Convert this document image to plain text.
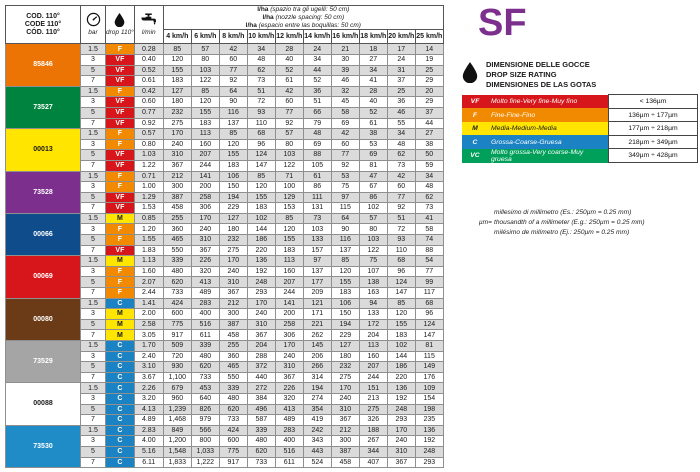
COD. 110°
CODE 110°
CÓD. 110°	bar	drop 110°	l/min

l/ha (spazio tra gli ugelli: 50 cm)
l/ha (nozzle spacing: 50 cm)
l/ha (espacio entre las boquillas: 50 cm)

				4 km/h	6 km/h	8 km/h	10 km/h	12 km/h	14 km/h	16 km/h	18 km/h	20 km/h	25 km/h
85846	1.5	F	0.28	85	57	42	34	28	24	21	18	17	14
	3	VF	0.40	120	80	60	48	40	34	30	27	24	19
	5	VF	0.52	155	103	77	62	52	44	39	34	31	25
	7	VF	0.61	183	122	92	73	61	52	46	41	37	29
73527	1.5	F	0.42	127	85	64	51	42	36	32	28	25	20
	3	VF	0.60	180	120	90	72	60	51	45	40	36	29
	5	VF	0.77	232	155	116	93	77	66	58	52	46	37
	7	VF	0.92	275	183	137	110	92	79	69	61	55	44
00013	1.5	F	0.57	170	113	85	68	57	48	42	38	34	27
	3	F	0.80	240	160	120	96	80	69	60	53	48	38
	5	VF	1.03	310	207	155	124	103	88	77	69	62	50
	7	VF	1.22	367	244	183	147	122	105	92	81	73	59
73528	1.5	F	0.71	212	141	106	85	71	61	53	47	42	34
	3	F	1.00	300	200	150	120	100	86	75	67	60	48
	5	VF	1.29	387	258	194	155	129	111	97	86	77	62
	7	VF	1.53	458	306	229	183	153	131	115	102	92	73
00066	1.5	M	0.85	255	170	127	102	85	73	64	57	51	41
	3	F	1.20	360	240	180	144	120	103	90	80	72	58
	5	F	1.55	465	310	232	186	155	133	116	103	93	74
	7	VF	1.83	550	367	275	220	183	157	137	122	110	88
00069	1.5	M	1.13	339	226	170	136	113	97	85	75	68	54
	3	F	1.60	480	320	240	192	160	137	120	107	96	77
	5	F	2.07	620	413	310	248	207	177	155	138	124	99
	7	F	2.44	733	489	367	293	244	209	183	163	147	117
00080	1.5	C	1.41	424	283	212	170	141	121	106	94	85	68
	3	M	2.00	600	400	300	240	200	171	150	133	120	96
	5	M	2.58	775	516	387	310	258	221	194	172	155	124
	7	M	3.05	917	611	458	367	306	262	229	204	183	147
73529	1.5	C	1.70	509	339	255	204	170	145	127	113	102	81
	3	C	2.40	720	480	360	288	240	206	180	160	144	115
	5	C	3.10	930	620	465	372	310	266	232	207	186	149
	7	C	3.67	1,100	733	550	440	367	314	275	244	220	176
00088	1.5	C	2.26	679	453	339	272	226	194	170	151	136	109
	3	C	3.20	960	640	480	384	320	274	240	213	192	154
	5	C	4.13	1,239	826	620	496	413	354	310	275	248	198
	7	C	4.89	1,468	979	733	587	489	419	367	326	293	235
73530	1.5	C	2.83	849	566	424	339	283	242	212	188	170	136
	3	C	4.00	1,200	800	600	480	400	343	300	267	240	192
	5	C	5.16	1,548	1,033	775	620	516	443	387	344	310	248
	7	C	6.11	1,833	1,222	917	733	611	524	458	407	367	293
SF
DIMENSIONE DELLE GOCCE
DROP SIZE RATING
DIMENSIONES DE LAS GOTAS
VF	Molto fine-Very fine-Muy fino	< 136µm
F	Fine-Fine-Fino	136µm ÷ 177µm
M	Media-Medium-Media	177µm ÷ 218µm
C	Grossa-Coarse-Gruesa	218µm ÷ 349µm
VC	Molto grossa-Very coarse-Muy gruesa	349µm ÷ 428µm
millesimo di millimetro (Es.: 250µm = 0.25 mm)
µm= thousandth of a millimeter (E.g.: 250µm = 0.25 mm)
milésimo de milímetro (Ej.: 250µm = 0.25 mm)
